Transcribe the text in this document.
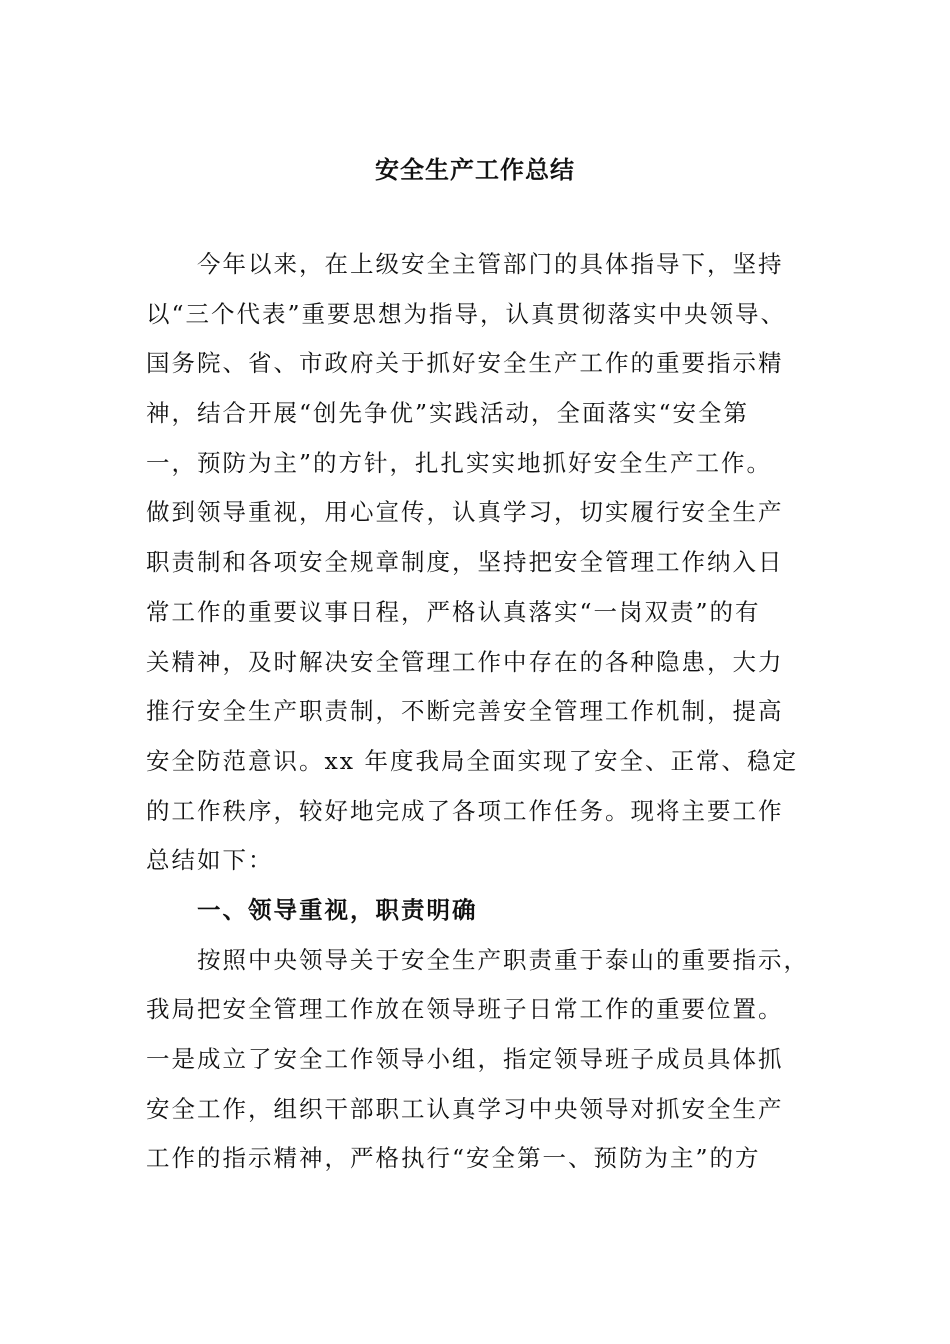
安全生产工作总结
　　今年以来，在上级安全主管部门的具体指导下，坚持
以“三个代表”重要思想为指导，认真贯彻落实中央领导、
国务院、省、市政府关于抓好安全生产工作的重要指示精
神，结合开展“创先争优”实践活动，全面落实“安全第
一，预防为主”的方针，扎扎实实地抓好安全生产工作。
做到领导重视，用心宣传，认真学习，切实履行安全生产
职责制和各项安全规章制度，坚持把安全管理工作纳入日
常工作的重要议事日程，严格认真落实“一岗双责”的有
关精神，及时解决安全管理工作中存在的各种隐患，大力
推行安全生产职责制，不断完善安全管理工作机制，提高
安全防范意识。xx 年度我局全面实现了安全、正常、稳定
的工作秩序，较好地完成了各项工作任务。现将主要工作
总结如下：
　　一、领导重视，职责明确
　　按照中央领导关于安全生产职责重于泰山的重要指示，
我局把安全管理工作放在领导班子日常工作的重要位置。
一是成立了安全工作领导小组，指定领导班子成员具体抓
安全工作，组织干部职工认真学习中央领导对抓安全生产
工作的指示精神，严格执行“安全第一、预防为主”的方
